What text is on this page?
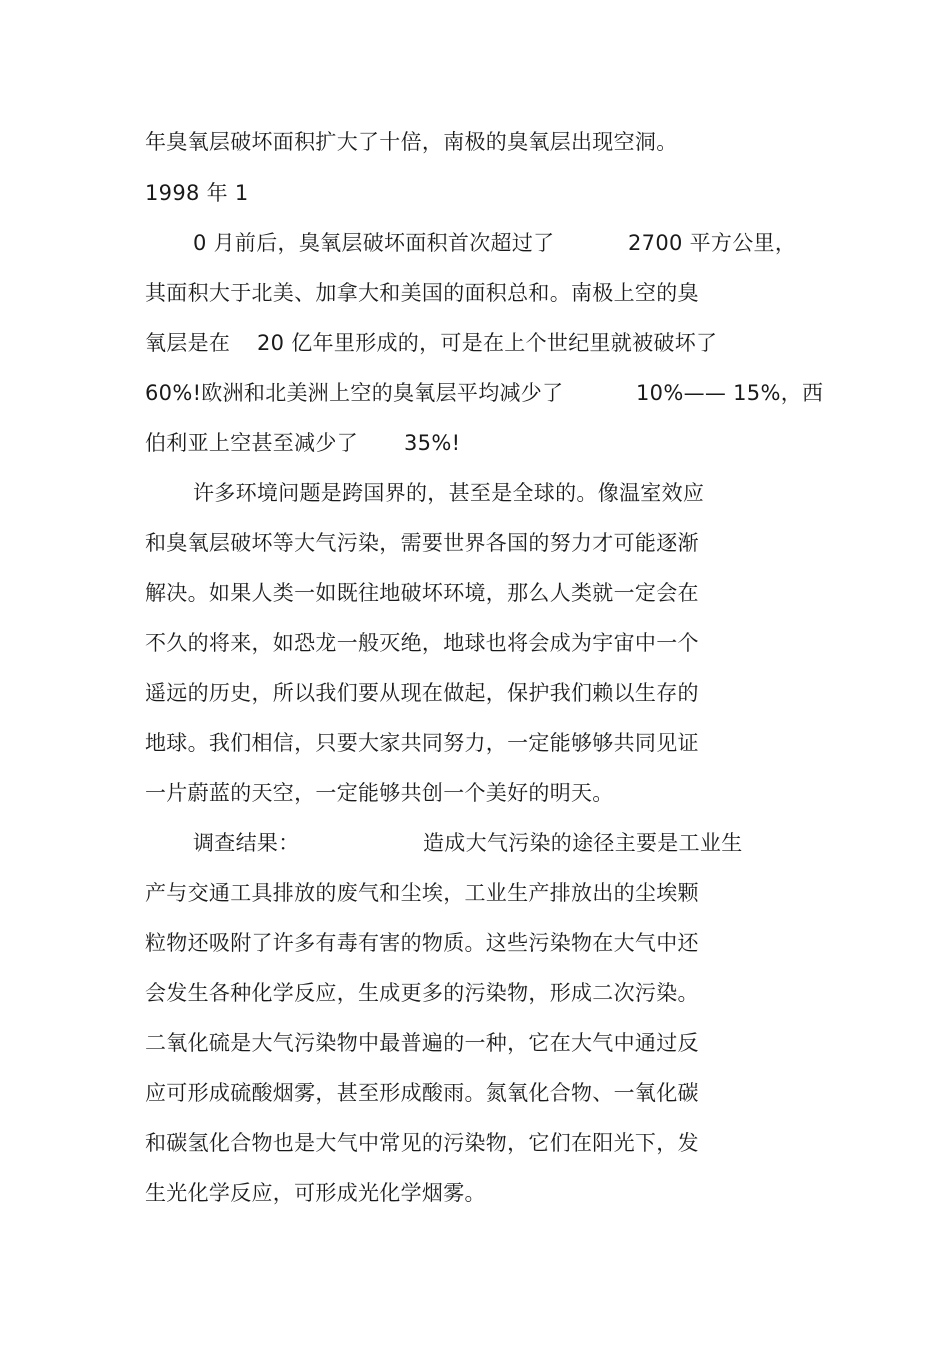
年臭氧层破坏面积扩大了十倍，南极的臭氧层出现空洞。

1998 年 1

0 月前后，臭氧层破坏面积首次超过了

	2700 平方公里，

其面积大于北美、加拿大和美国的面积总和。南极上空的臭

氧层是在

20 亿年里形成的，可是在上个世纪里就被破坏了

60%!欧洲和北美洲上空的臭氧层平均减少了

	10%—— 15%，西

伯利亚上空甚至减少了

35%!

许多环境问题是跨国界的，甚至是全球的。像温室效应

和臭氧层破坏等大气污染，需要世界各国的努力才可能逐渐

解决。如果人类一如既往地破坏环境，那么人类就一定会在

不久的将来，如恐龙一般灭绝，地球也将会成为宇宙中一个

遥远的历史，所以我们要从现在做起，保护我们赖以生存的

地球。我们相信，只要大家共同努力，一定能够够共同见证

一片蔚蓝的天空，一定能够共创一个美好的明天。

调查结果：

	造成大气污染的途径主要是工业生

产与交通工具排放的废气和尘埃，工业生产排放出的尘埃颗

粒物还吸附了许多有毒有害的物质。这些污染物在大气中还

会发生各种化学反应，生成更多的污染物，形成二次污染。

二氧化硫是大气污染物中最普遍的一种，它在大气中通过反

应可形成硫酸烟雾，甚至形成酸雨。氮氧化合物、一氧化碳

和碳氢化合物也是大气中常见的污染物，它们在阳光下，发

生光化学反应，可形成光化学烟雾。
